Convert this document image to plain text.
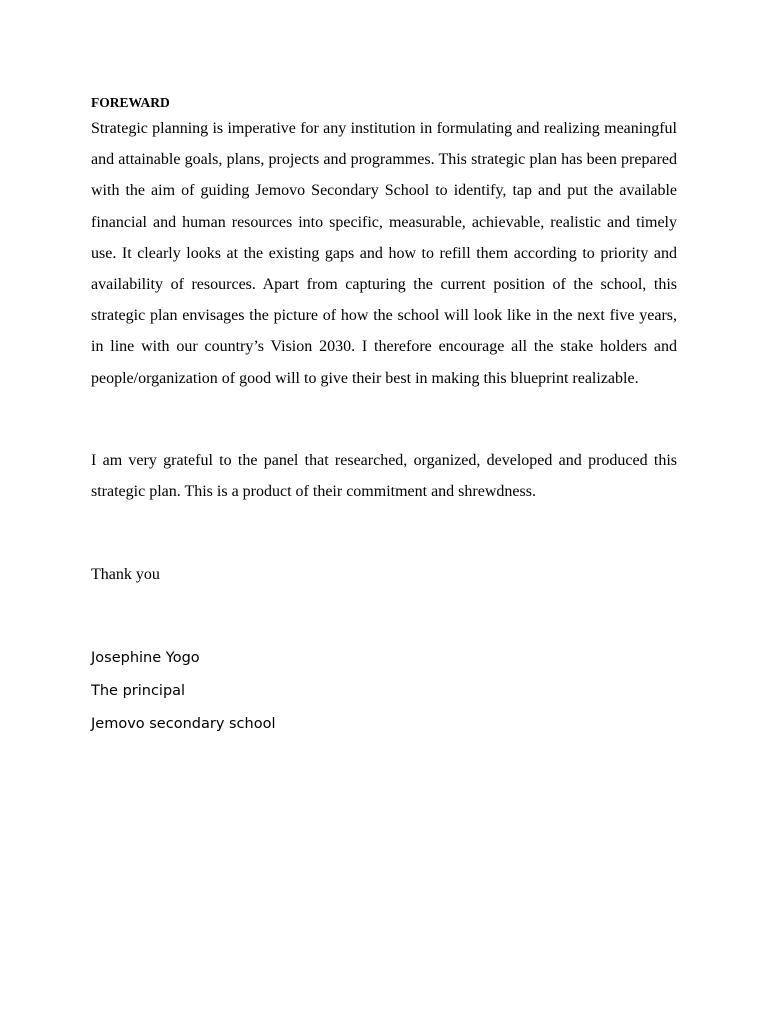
FOREWARD

Strategic planning is imperative for any institution in formulating and realizing meaningful and attainable goals, plans, projects and programmes. This strategic plan has been prepared with the aim of guiding Jemovo Secondary School to identify, tap and put the available financial and human resources into specific, measurable, achievable, realistic and timely use. It clearly looks at the existing gaps and how to refill them according to priority and availability of resources. Apart from capturing the current position of the school, this strategic plan envisages the picture of how the school will look like in the next five years, in line with our country’s Vision 2030. I therefore encourage all the stake holders and people/organization of good will to give their best in making this blueprint realizable.

I am very grateful to the panel that researched, organized, developed and produced this strategic plan. This is a product of their commitment and shrewdness.

Thank you

Josephine Yogo

The principal

Jemovo secondary school
